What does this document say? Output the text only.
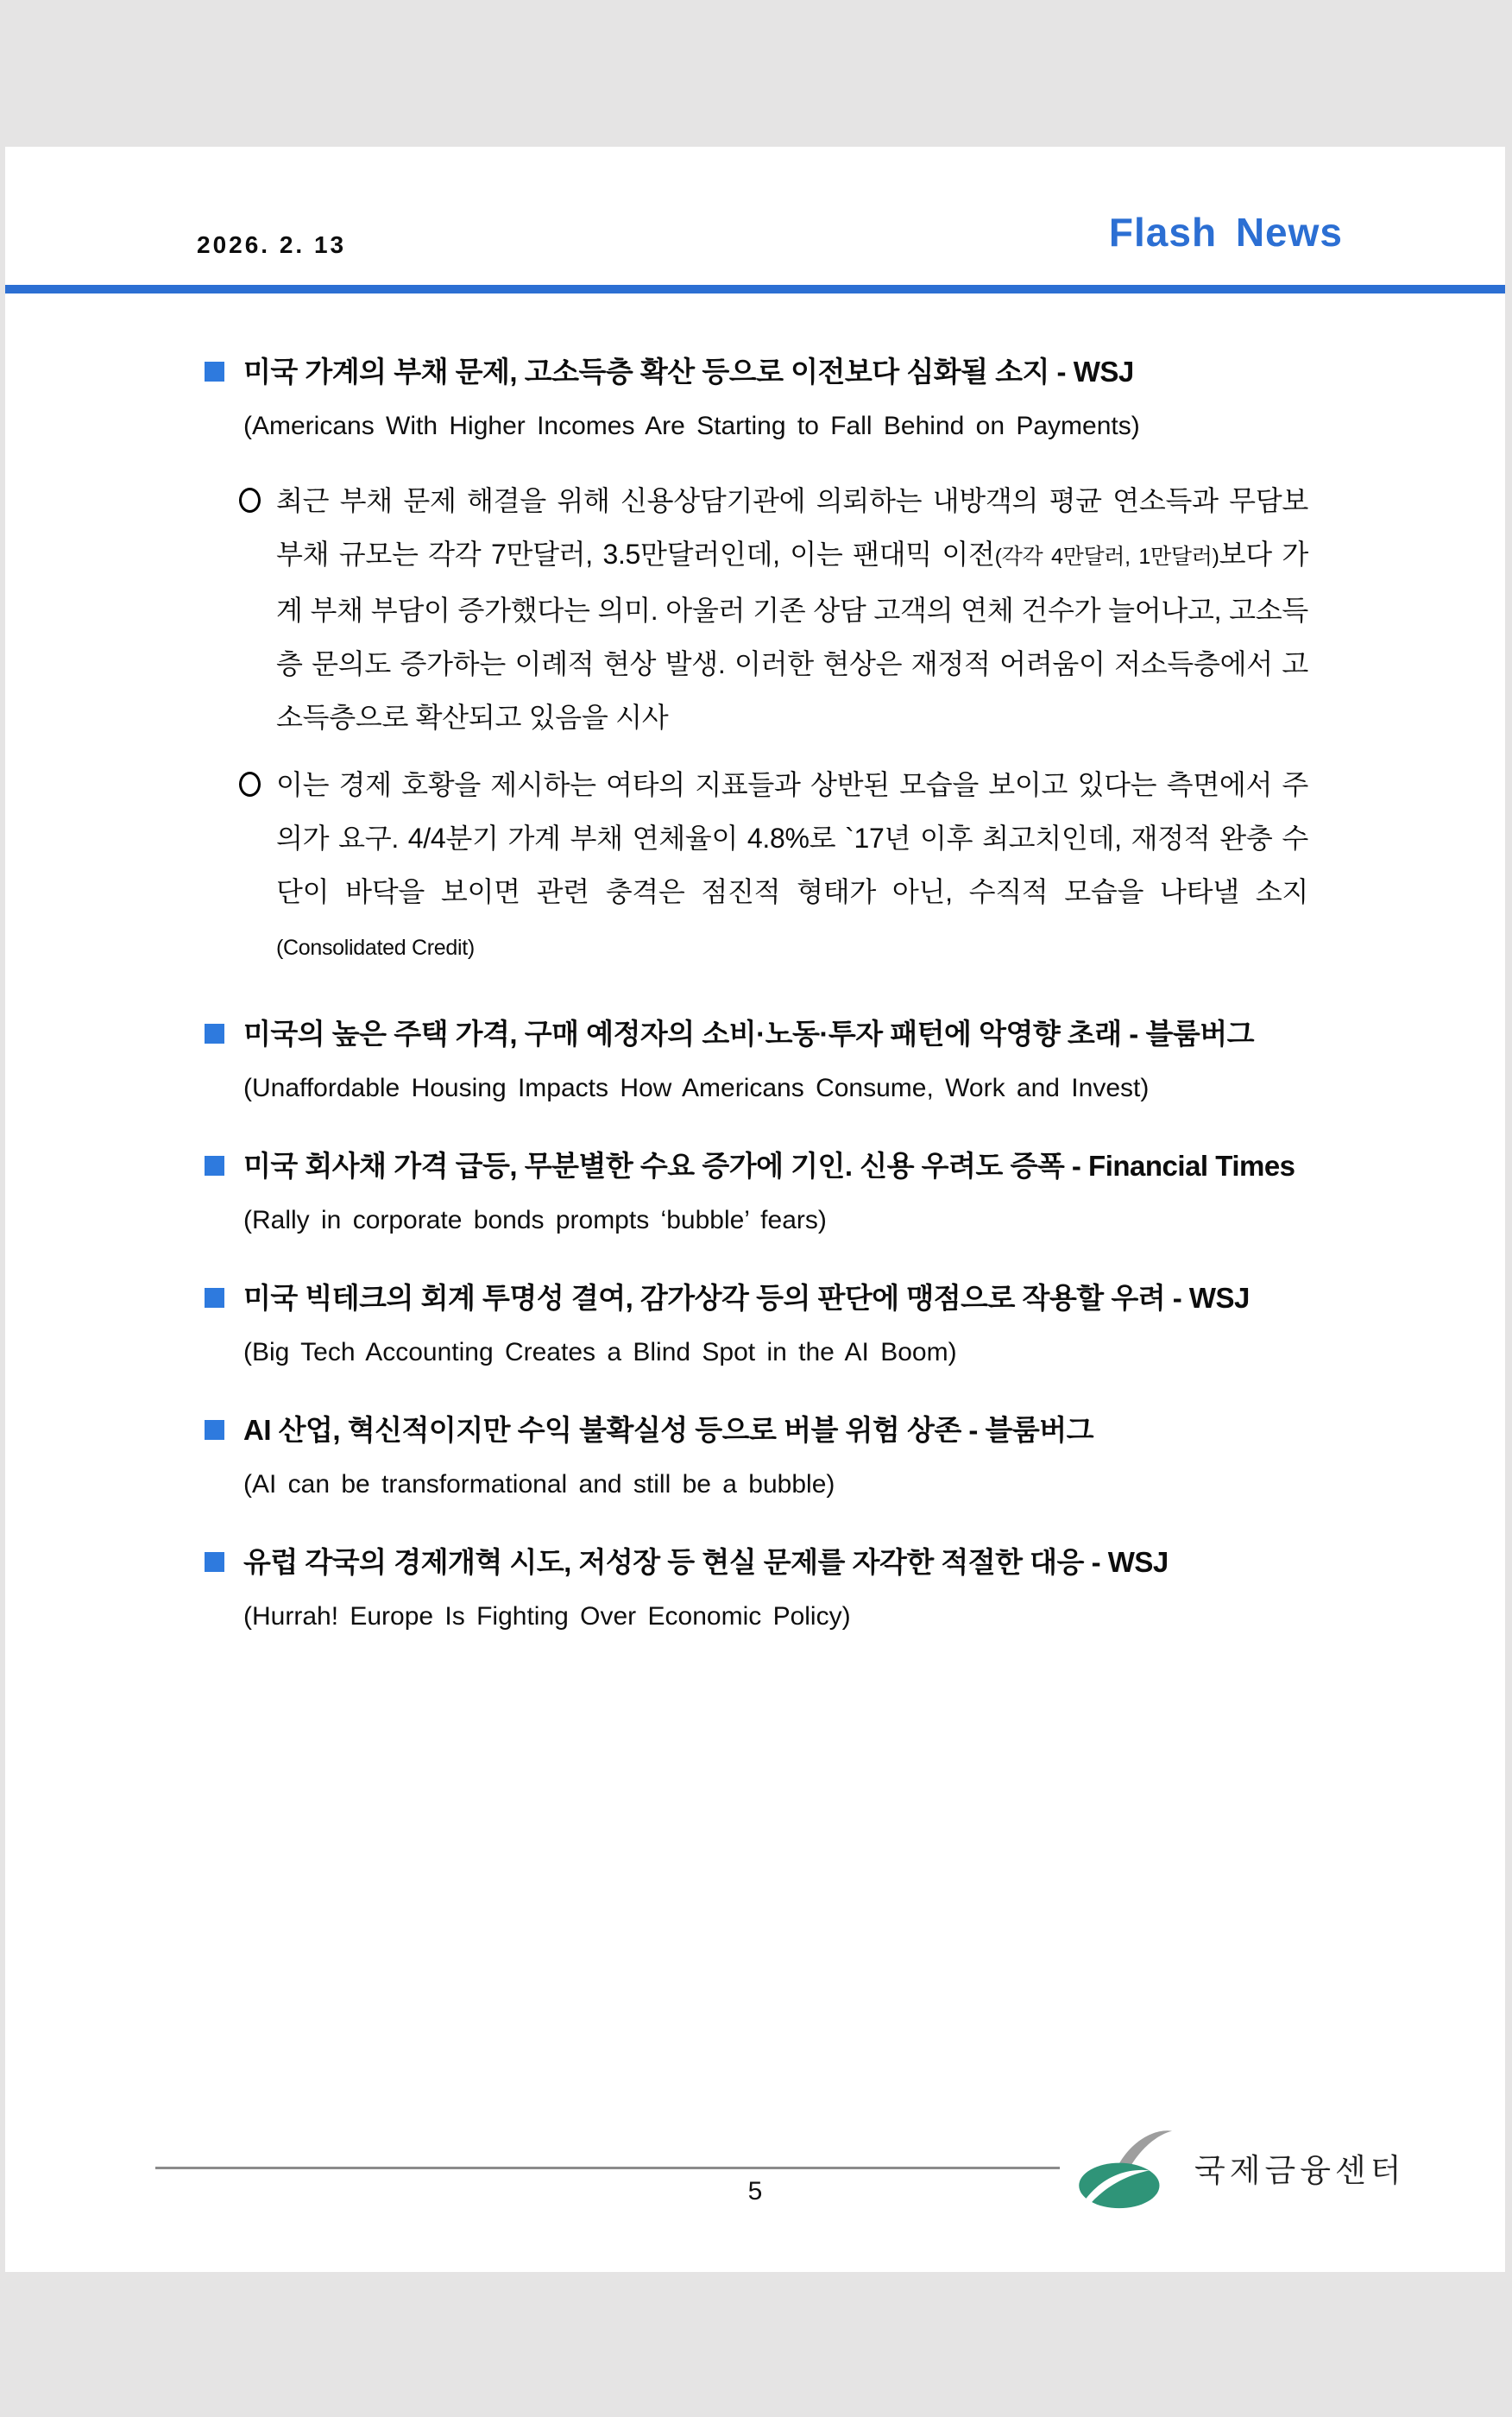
2026. 2. 13	Flash News
미국 가계의 부채 문제, 고소득층 확산 등으로 이전보다 심화될 소지 - WSJ
(Americans With Higher Incomes Are Starting to Fall Behind on Payments)
최근 부채 문제 해결을 위해 신용상담기관에 의뢰하는 내방객의 평균 연소득과 무담보 부채 규모는 각각 7만달러, 3.5만달러인데, 이는 팬대믹 이전(각각 4만달러, 1만달러)보다 가계 부채 부담이 증가했다는 의미. 아울러 기존 상담 고객의 연체 건수가 늘어나고, 고소득층 문의도 증가하는 이례적 현상 발생. 이러한 현상은 재정적 어려움이 저소득층에서 고소득층으로 확산되고 있음을 시사
이는 경제 호황을 제시하는 여타의 지표들과 상반된 모습을 보이고 있다는 측면에서 주의가 요구. 4/4분기 가계 부채 연체율이 4.8%로 `17년 이후 최고치인데, 재정적 완충 수단이 바닥을 보이면 관련 충격은 점진적 형태가 아닌, 수직적 모습을 나타낼 소지(Consolidated Credit)
미국의 높은 주택 가격, 구매 예정자의 소비·노동·투자 패턴에 악영향 초래 - 블룸버그
(Unaffordable Housing Impacts How Americans Consume, Work and Invest)
미국 회사채 가격 급등, 무분별한 수요 증가에 기인. 신용 우려도 증폭 - Financial Times
(Rally in corporate bonds prompts ‘bubble’ fears)
미국 빅테크의 회계 투명성 결여, 감가상각 등의 판단에 맹점으로 작용할 우려 - WSJ
(Big Tech Accounting Creates a Blind Spot in the AI Boom)
AI 산업, 혁신적이지만 수익 불확실성 등으로 버블 위험 상존 - 블룸버그
(AI can be transformational and still be a bubble)
유럽 각국의 경제개혁 시도, 저성장 등 현실 문제를 자각한 적절한 대응 - WSJ
(Hurrah! Europe Is Fighting Over Economic Policy)
국제금융센터
5
